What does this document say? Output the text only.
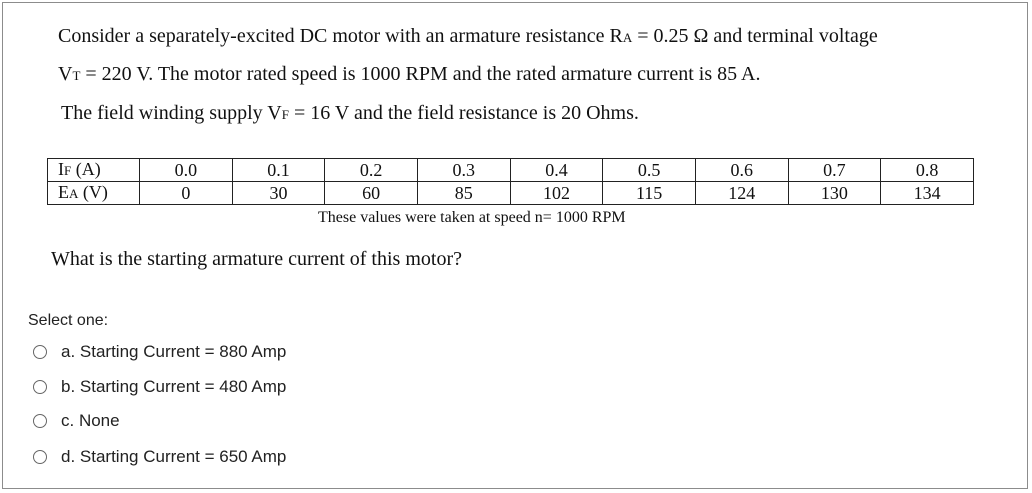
Consider a separately-excited DC motor with an armature resistance RA = 0.25 Ω and terminal voltage
VT = 220 V. The motor rated speed is 1000 RPM and the rated armature current is 85 A.
The field winding supply VF = 16 V and the field resistance is 20 Ohms.
IF (A)	0.0	0.1	0.2	0.3	0.4	0.5	0.6	0.7	0.8
EA (V)	0	30	60	85	102	115	124	130	134
These values were taken at speed n= 1000 RPM
What is the starting armature current of this motor?
Select one:
a. Starting Current = 880 Amp
b. Starting Current = 480 Amp
c. None
d. Starting Current = 650 Amp
